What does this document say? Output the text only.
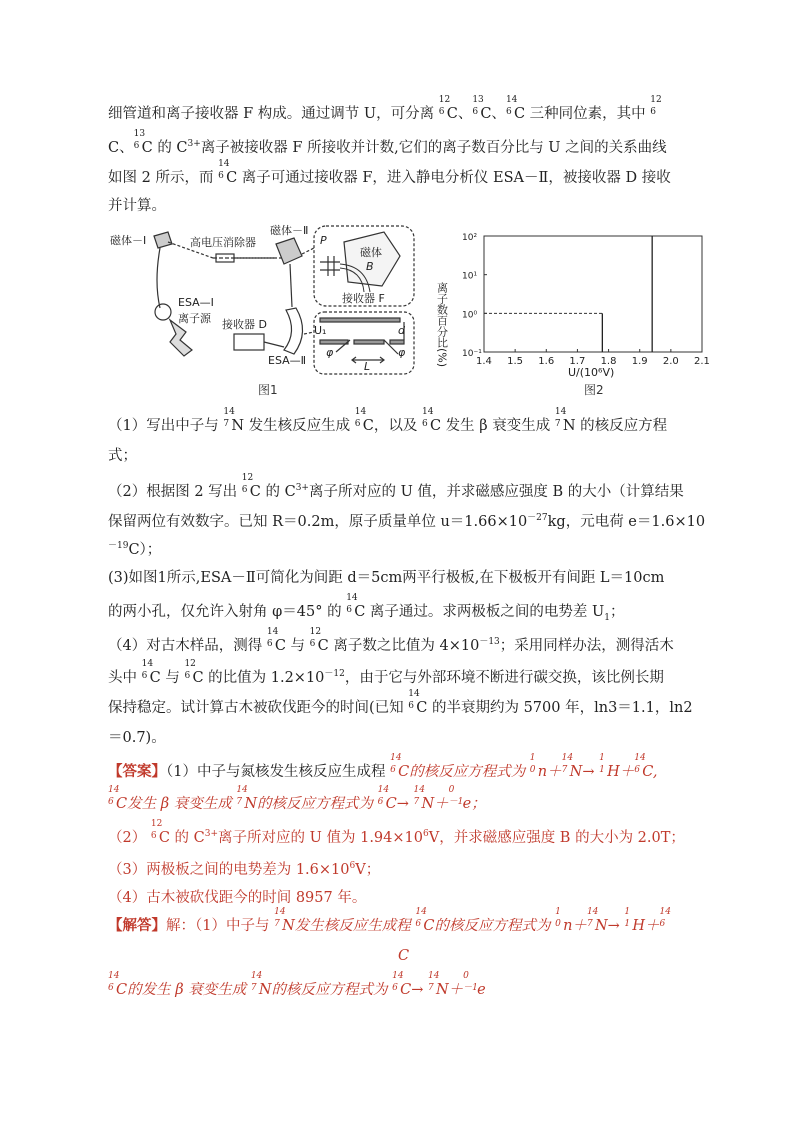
细管道和离子接收器 F 构成。通过调节 U，可分离
12
6 C、
13
6 C、
14
6 C 三种同位素，其中
12
6
C、
13
6 C 的 $C^{3+}$离子被接收器 F 所接收并计数,它们的离子数百分比与 U 之间的关系曲线
如图 2 所示，而
14
6 C 离子可通过接收器 F，进入静电分析仪 ESA－Ⅱ，被接收器 D 接收
并计算。
磁体－Ⅰ	高电压消除器
磁体－Ⅱ
ESA—Ⅰ
离子源 接收器 D
ESA—Ⅱ
P
磁体
B
接收器 F
U₁	d
L
φ	φ
图1
离子数百分比(%)	1.4 1.5 1.6 1.7 1.8 1.9 2.0 2.1
10⁻¹
10⁰
10¹
10²
U/(10⁶V)
图2
（1）写出中子与
14
7 N 发生核反应生成
14
6 C，以及
14
6 C 发生 β 衰变生成
14
7 N 的核反应方程
式；
（2）根据图 2 写出
12
6 C 的 $C^{3+}$离子所对应的 U 值，并求磁感应强度 B 的大小（计算结果
保留两位有效数字。已知 R＝0.2m，原子质量单位 $u=1.66\times 10^{-27}kg$，元电荷 e＝1.6×10
$^{-19}$C）；
(3)如图1所示,ESA－Ⅱ可简化为间距 d＝5cm两平行极板,在下极板开有间距 L＝10cm
的两小孔，仅允许入射角 φ＝45° 的
14
6 C 离子通过。求两极板之间的电势差 $U_1$；
（4）对古木样品，测得
14
6 C 与
12
6 C 离子数之比值为 $4\times 10^{-13}$；采用同样办法，测得活木
头中
14
6 C 与
12
6 C 的比值为 $1.2\times 10^{-12}$，由于它与外部环境不断进行碳交换，该比例长期
保持稳定。试计算古木被砍伐距今的时间(已知
14
6 C 的半衰期约为 5700 年，ln3＝1.1，ln2
＝0.7)。
【答案】（1）中子与氮核发生核反应生成程
14
6 C的核反应方程式为
1
0 n＋
14
7 N→
1
1 H＋
14
6 C,
14
6 C发生 β 衰变生成
14
7 N的核反应方程式为
14
6 C→
14
7 N＋
0
－1 e；
（2）
12
6 C 的 $C^{3+}$离子所对应的 U 值为 $1.94\times 10^6V$，并求磁感应强度 B 的大小为 2.0T；
（3）两极板之间的电势差为 $1.6\times 10^6V$；
（4）古木被砍伐距今的时间 8957 年。
【解答】解：（1）中子与
14
7 N发生核反应生成程
14
6 C的核反应方程式为
1
0 n＋
14
7 N→
1
1 H＋
14
6
C
14
6 C的发生 β 衰变生成
14
7 N的核反应方程式为
14
6 C→
14
7 N＋
0
－1 e
